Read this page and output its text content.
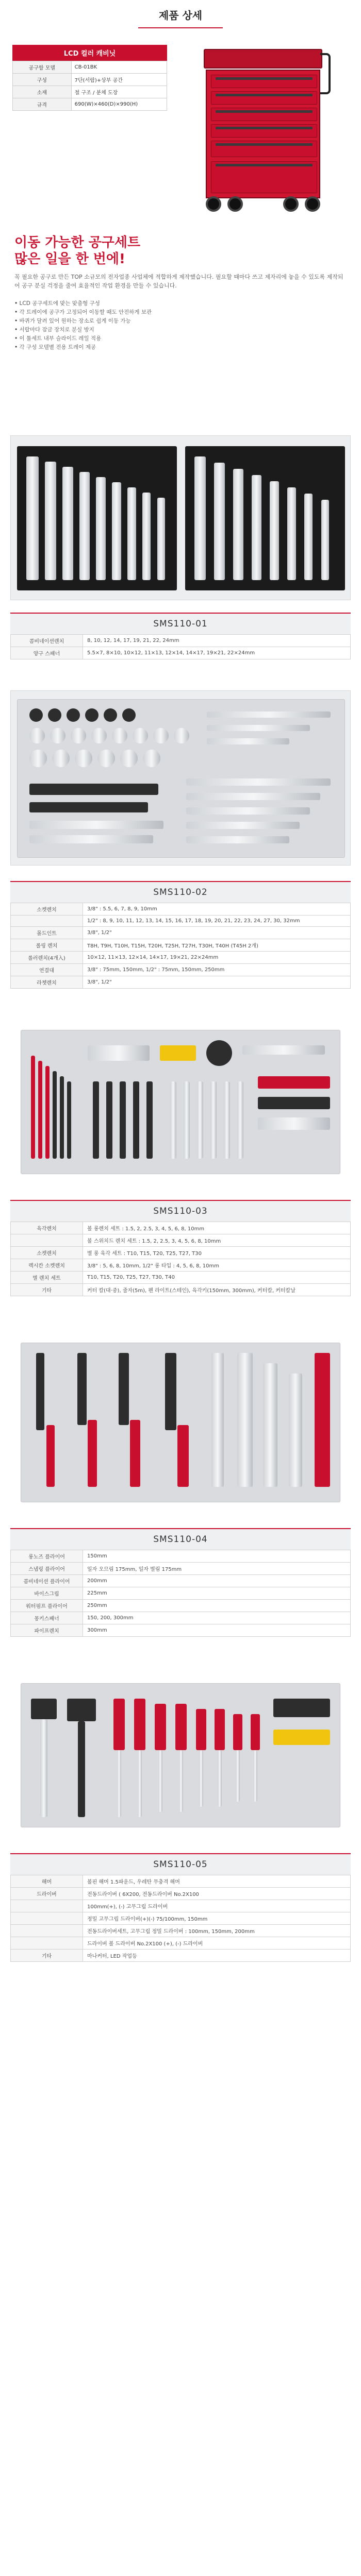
제품 상세
LCD 컬러 캐비닛
공구함 모델	CB-01BK
구성	7단(서랍)+상부 공간
소재	철 구조 / 분체 도장
규격	690(W)×460(D)×990(H)
이동 가능한 공구세트
많은 일을 한 번에!

꼭 필요한 공구로 만든 TOP 소규모의 전자업종 사업체에 적합하게 제작했습니다. 필요할 때마다 쓰고 제자리에 놓을 수 있도록 제작되어 공구 분실 걱정을 줄여 효율적인 작업 환경을 만들 수 있습니다.

• LCD 공구세트에 맞는 맞춤형 구성
• 각 트레이에 공구가 고정되어 이동할 때도 안전하게 보관
• 바퀴가 달려 있어 원하는 장소로 쉽게 이동 가능
• 서랍마다 잠금 장치로 분실 방지
• 이 툴세트 내부 슬라이드 레일 적용
• 각 구성 모델별 전용 트레이 제공
SMS110-01
콤비네이션렌치	8, 10, 12, 14, 17, 19, 21, 22, 24mm
양구 스패너	5.5×7, 8×10, 10×12, 11×13, 12×14, 14×17, 19×21, 22×24mm
SMS110-02
소켓렌치	3/8" : 5.5, 6, 7, 8, 9, 10mm
	1/2" : 8, 9, 10, 11, 12, 13, 14, 15, 16, 17, 18, 19, 20, 21, 22, 23, 24, 27, 30, 32mm
몰드인트	3/8", 1/2"
롤링 렌치	T8H, T9H, T10H, T15H, T20H, T25H, T27H, T30H, T40H (T45H 2개)
롤러렌치(4개入)	10×12, 11×13, 12×14, 14×17, 19×21, 22×24mm
연결대	3/8" : 75mm, 150mm, 1/2" : 75mm, 150mm, 250mm
라쳇렌치	3/8", 1/2"
SMS110-03
육각렌치	볼 롱렌치 세트 : 1.5, 2, 2.5, 3, 4, 5, 6, 8, 10mm
	볼 스위치드 렌치 세트 : 1.5, 2, 2.5, 3, 4, 5, 6, 8, 10mm
소켓렌치	별 롱 육각 세트 : T10, T15, T20, T25, T27, T30
렉시칸 소켓렌치	3/8" : 5, 6, 8, 10mm, 1/2" 롱 타입 : 4, 5, 6, 8, 10mm
별 렌치 세트	T10, T15, T20, T25, T27, T30, T40
기타	커터 칼(대·중), 줄자(5m), 펜 라이트(스테인), 육각키(150mm, 300mm), 커터칼, 커터칼날
SMS110-04
롱노즈 플라이어	150mm
스냅링 플라이어	일자 오므림 175mm, 일자 벌림 175mm
콤비네이션 플라이어	200mm
바이스그립	225mm
워터펌프 플라이어	250mm
몽키스패너	150, 200, 300mm
파이프렌치	300mm
SMS110-05
해머	볼핀 해머 1.5파운드, 우레탄 무충격 해머
드라이버	전동드라이버 ( 6X200, 전동드라이버 No.2X100
	100mm(+), (-) 고무그립 드라이버
	정밀 고무그립 드라이버(+)(-) 75/100mm, 150mm
	전동드라이버세트, 고무그립 정밀 드라이버 : 100mm, 150mm, 200mm
	드라이버 볼 드라이버 No.2X100 (+), (-) 드라이버
기타	마나커터, LED 작업등
